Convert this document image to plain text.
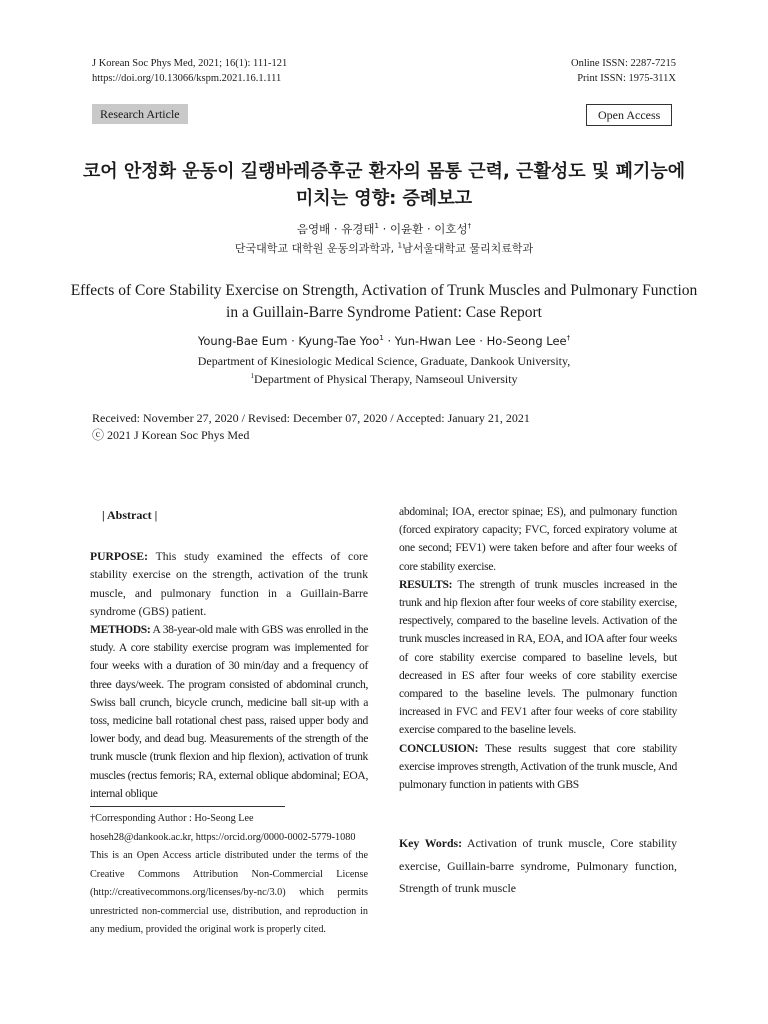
J Korean Soc Phys Med, 2021; 16(1): 111-121
https://doi.org/10.13066/kspm.2021.16.1.111
Online ISSN: 2287-7215
Print ISSN: 1975-311X
Research Article	Open Access
코어 안정화 운동이 길랭바레증후군 환자의 몸통 근력, 근활성도 및 폐기능에
미치는 영향: 증례보고
음영배 · 유경태$^1$ · 이윤환 · 이호성†
단국대학교 대학원 운동의과학과, $^1$남서울대학교 물리치료학과
Effects of Core Stability Exercise on Strength, Activation of Trunk Muscles and Pulmonary Function
in a Guillain-Barre Syndrome Patient: Case Report
Young-Bae Eum · Kyung-Tae Yoo$^1$ · Yun-Hwan Lee · Ho-Seong Lee†
Department of Kinesiologic Medical Science, Graduate, Dankook University,
$^1$Department of Physical Therapy, Namseoul University
Received: November 27, 2020 / Revised: December 07, 2020 / Accepted: January 21, 2021
ⓒ 2021 J Korean Soc Phys Med

| Abstract |

PURPOSE: This study examined the effects of core stability exercise on the strength, activation of the trunk muscle, and pulmonary function in a Guillain-Barre syndrome (GBS) patient.

METHODS: A 38-year-old male with GBS was enrolled in the study. A core stability exercise program was implemented for four weeks with a duration of 30 min/day and a frequency of three days/week. The program consisted of abdominal crunch, Swiss ball crunch, bicycle crunch, medicine ball sit-up with a toss, medicine ball rotational chest pass, raised upper body and lower body, and dead bug. Measurements of the strength of the trunk muscle (trunk flexion and hip flexion), activation of trunk muscles (rectus femoris; RA, external oblique abdominal; EOA, internal oblique

†Corresponding Author : Ho-Seong Lee

hoseh28@dankook.ac.kr, https://orcid.org/0000-0002-5779-1080

This is an Open Access article distributed under the terms of the Creative Commons Attribution Non-Commercial License (http://creativecommons.org/licenses/by-nc/3.0) which permits unrestricted non-commercial use, distribution, and reproduction in any medium, provided the original work is properly cited.

abdominal; IOA, erector spinae; ES), and pulmonary function (forced expiratory capacity; FVC, forced expiratory volume at one second; FEV1) were taken before and after four weeks of core stability exercise.

RESULTS: The strength of trunk muscles increased in the trunk and hip flexion after four weeks of core stability exercise, respectively, compared to the baseline levels. Activation of the trunk muscles increased in RA, EOA, and IOA after four weeks of core stability exercise compared to baseline levels, but decreased in ES after four weeks of core stability exercise compared to the baseline levels. The pulmonary function increased in FVC and FEV1 after four weeks of core stability exercise compared to the baseline levels.

CONCLUSION: These results suggest that core stability exercise improves strength, Activation of the trunk muscle, And pulmonary function in patients with GBS

Key Words: Activation of trunk muscle, Core stability exercise, Guillain-barre syndrome, Pulmonary function, Strength of trunk muscle
